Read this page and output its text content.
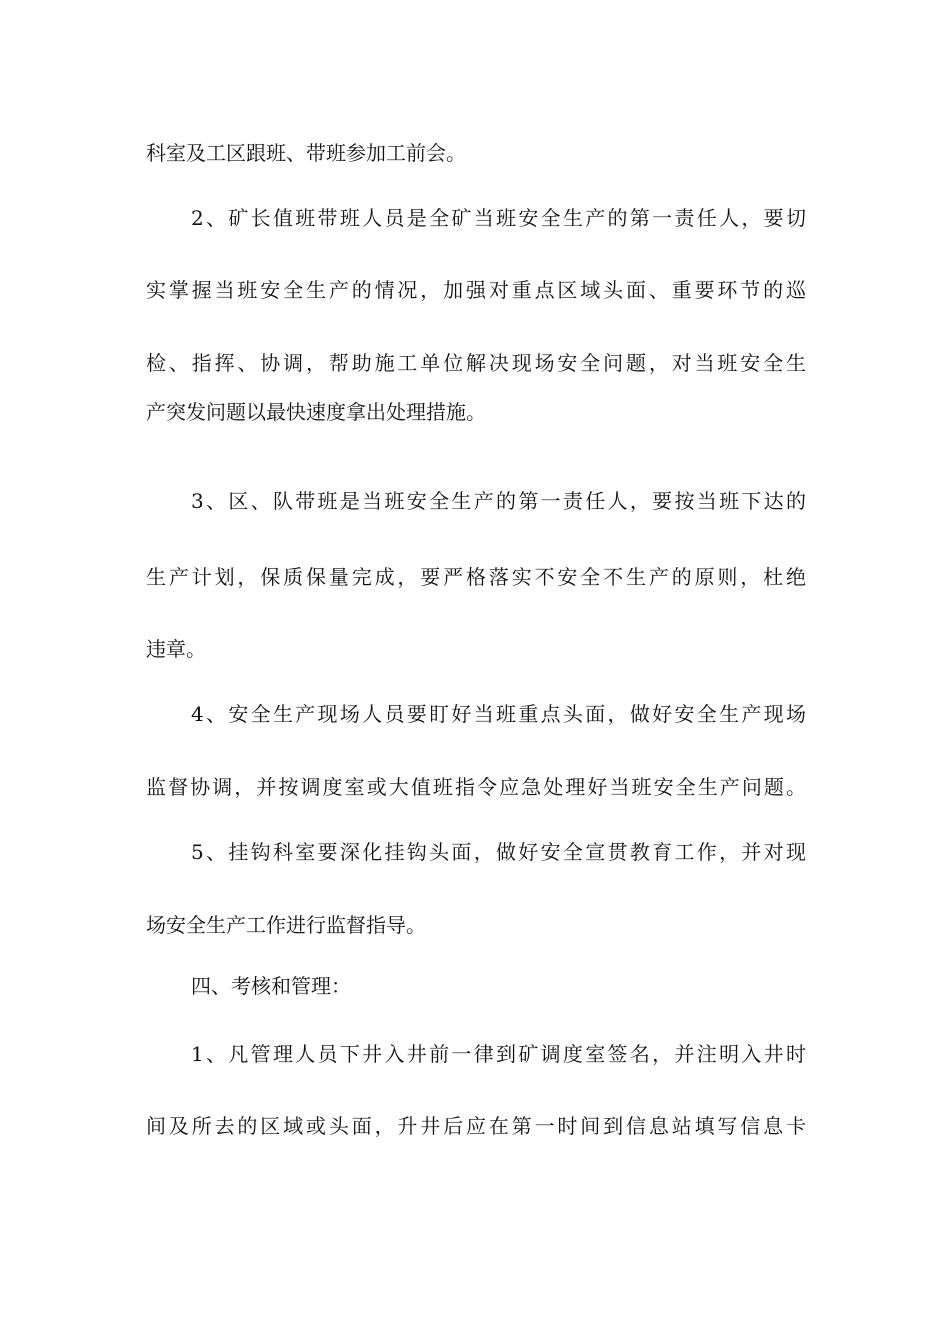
科室及工区跟班、带班参加工前会。
2、矿长值班带班人员是全矿当班安全生产的第一责任人，要切
实掌握当班安全生产的情况，加强对重点区域头面、重要环节的巡
检、指挥、协调，帮助施工单位解决现场安全问题，对当班安全生
产突发问题以最快速度拿出处理措施。
3、区、队带班是当班安全生产的第一责任人，要按当班下达的
生产计划，保质保量完成，要严格落实不安全不生产的原则，杜绝
违章。
4、安全生产现场人员要盯好当班重点头面，做好安全生产现场
监督协调，并按调度室或大值班指令应急处理好当班安全生产问题。
5、挂钩科室要深化挂钩头面，做好安全宣贯教育工作，并对现
场安全生产工作进行监督指导。
四、考核和管理：
1、凡管理人员下井入井前一律到矿调度室签名，并注明入井时
间及所去的区域或头面，升井后应在第一时间到信息站填写信息卡
